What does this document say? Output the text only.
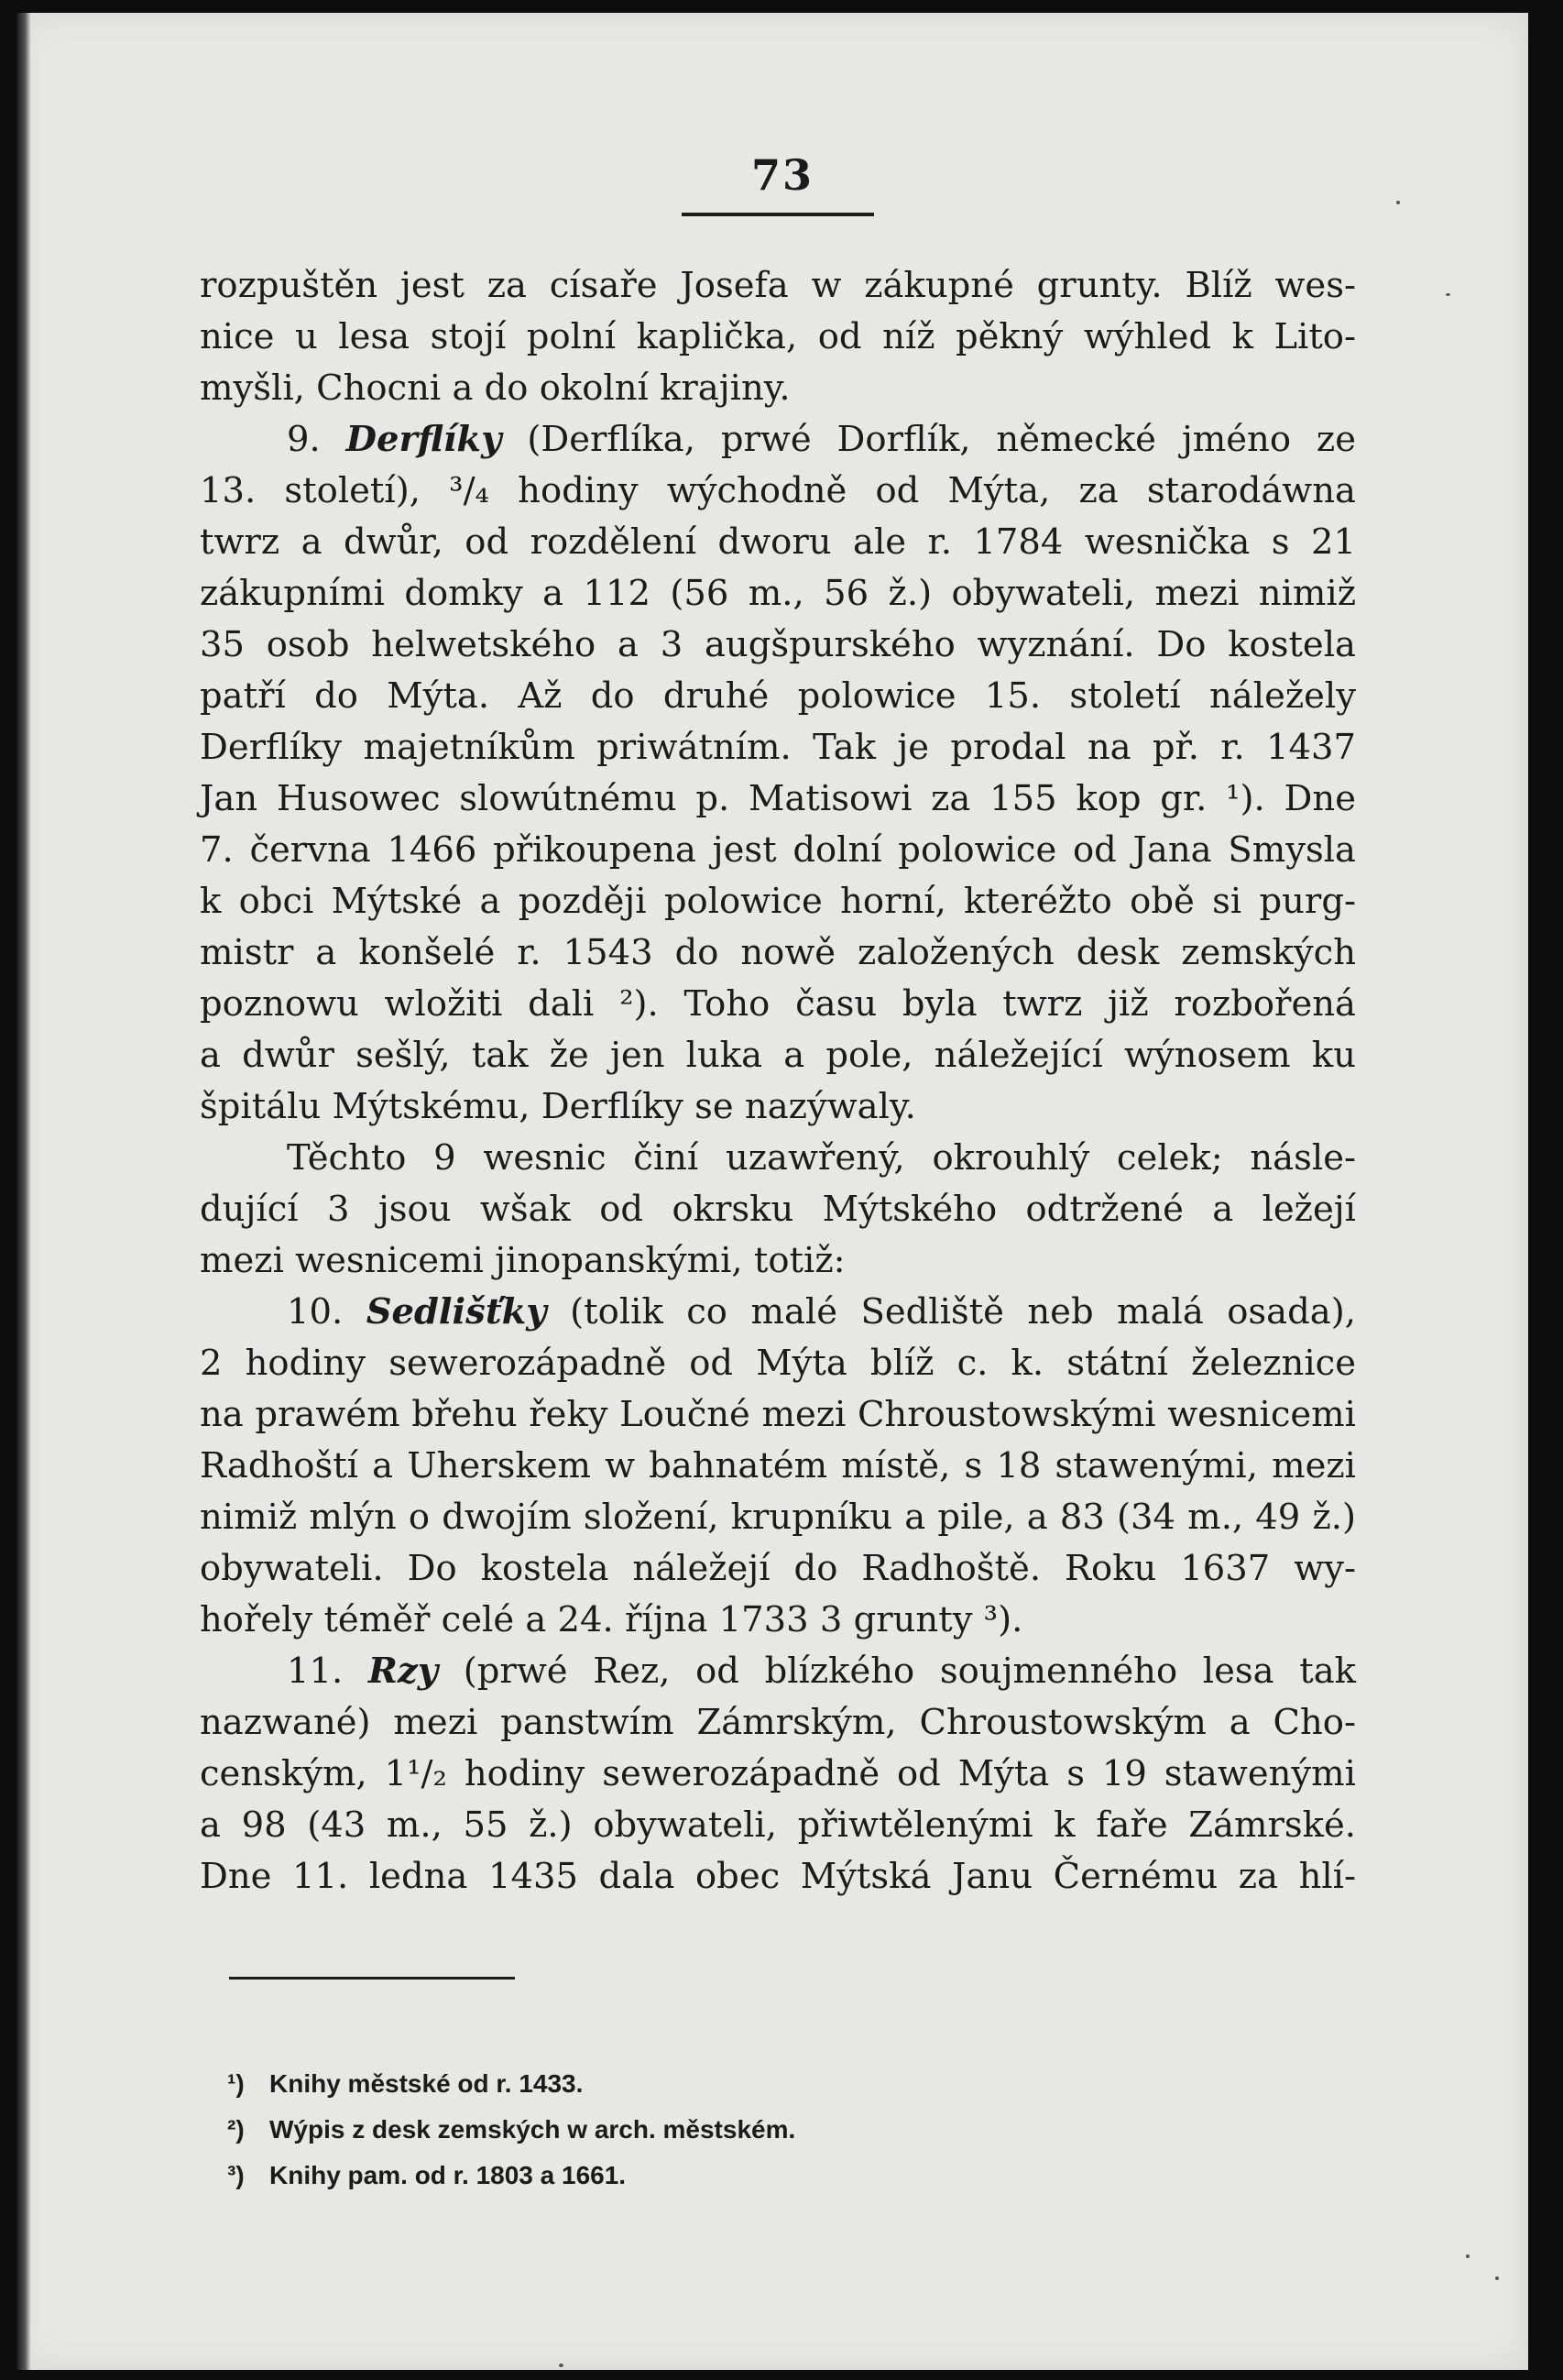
73

rozpuštěn jest za císaře Josefa w zákupné grunty. Blíž wes-
nice u lesa stojí polní kaplička, od níž pěkný wýhled k Lito-
myšli, Chocni a do okolní krajiny.

9. Derflíky (Derflíka, prwé Dorflík, německé jméno ze
13. století), ³/₄ hodiny wýchodně od Mýta, za starodáwna
twrz a dwůr, od rozdělení dworu ale r. 1784 wesnička s 21
zákupními domky a 112 (56 m., 56 ž.) obywateli, mezi nimiž
35 osob helwetského a 3 augšpurského wyznání. Do kostela
patří do Mýta. Až do druhé polowice 15. století náležely
Derflíky majetníkům priwátním. Tak je prodal na př. r. 1437
Jan Husowec slowútnému p. Matisowi za 155 kop gr. ¹). Dne
7. června 1466 přikoupena jest dolní polowice od Jana Smysla
k obci Mýtské a později polowice horní, kteréžto obě si purg-
mistr a konšelé r. 1543 do nowě založených desk zemských
poznowu wložiti dali ²). Toho času byla twrz již rozbořená
a dwůr sešlý, tak že jen luka a pole, náležející wýnosem ku
špitálu Mýtskému, Derflíky se nazýwaly.

Těchto 9 wesnic činí uzawřený, okrouhlý celek; násle-
dující 3 jsou wšak od okrsku Mýtského odtržené a ležejí
mezi wesnicemi jinopanskými, totiž:

10. Sedlišťky (tolik co malé Sedliště neb malá osada),
2 hodiny sewerozápadně od Mýta blíž c. k. státní železnice
na prawém břehu řeky Loučné mezi Chroustowskými wesnicemi
Radhoští a Uherskem w bahnatém místě, s 18 stawenými, mezi
nimiž mlýn o dwojím složení, krupníku a pile, a 83 (34 m., 49 ž.)
obywateli. Do kostela náležejí do Radhoště. Roku 1637 wy-
hořely téměř celé a 24. října 1733 3 grunty ³).

11. Rzy (prwé Rez, od blízkého soujmenného lesa tak
nazwané) mezi panstwím Zámrským, Chroustowským a Cho-
cenským, 1¹/₂ hodiny sewerozápadně od Mýta s 19 stawenými
a 98 (43 m., 55 ž.) obywateli, přiwtělenými k faře Zámrské.
Dne 11. ledna 1435 dala obec Mýtská Janu Černému za hlí-

¹) Knihy městské od r. 1433.
²) Wýpis z desk zemských w arch. městském.
³) Knihy pam. od r. 1803 a 1661.
